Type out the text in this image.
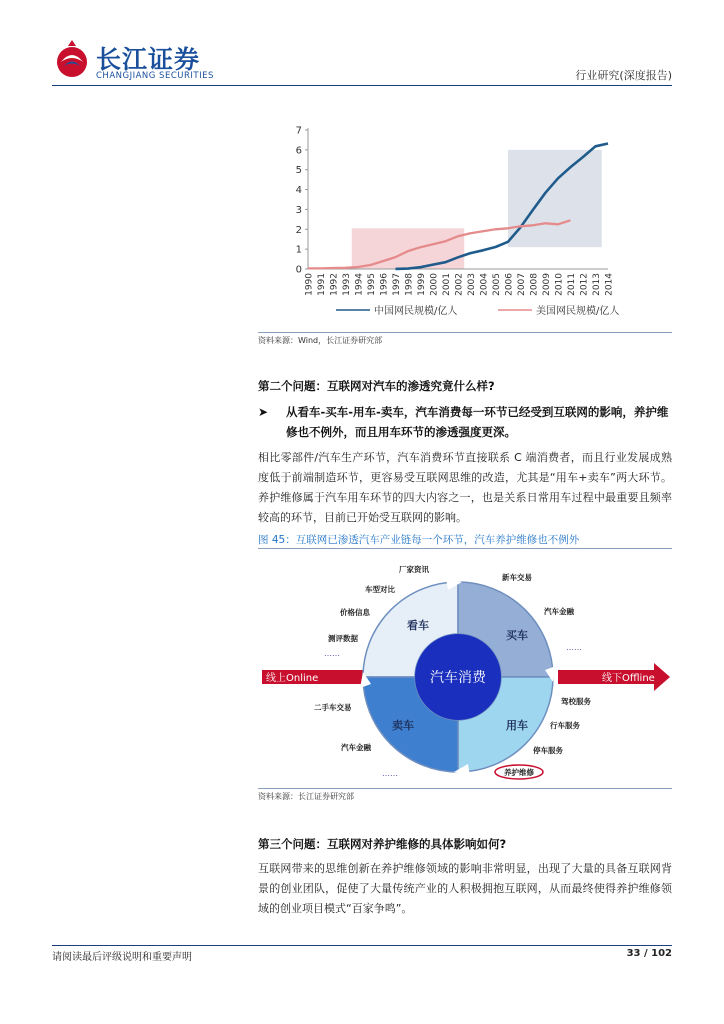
长江证券
CHANGJIANG SECURITIES	行业研究(深度报告)
0
1
2
3
4
5
6
7
1990 1991 1992 1993 1994 1995 1996 1997 1998 1999 2000 2001 2002 2003 2004 2005 2006 2007 2008 2009 2010 2011 2012 2013 2014
中国网民规模/亿人	美国网民规模/亿人
资料来源：Wind，长江证券研究部
第二个问题：互联网对汽车的渗透究竟什么样?
➤ 从看车-买车-用车-卖车，汽车消费每一环节已经受到互联网的影响，养护维修也不例外，而且用车环节的渗透强度更深。
相比零部件/汽车生产环节，汽车消费环节直接联系 C 端消费者，而且行业发展成熟度低于前端制造环节，更容易受互联网思维的改造，尤其是“用车+卖车”两大环节。养护维修属于汽车用车环节的四大内容之一，也是关系日常用车过程中最重要且频率较高的环节，目前已开始受互联网的影响。
图 45：互联网已渗透汽车产业链每一个环节，汽车养护维修也不例外
汽车消费
看车
买车
用车
卖车
线上Online	线下Offline
厂家资讯
车型对比
价格信息
测评数据
……
新车交易
汽车金融
……
驾校服务
行车服务
停车服务
养护维修
二手车交易
汽车金融
……
资料来源：长江证券研究部
第三个问题：互联网对养护维修的具体影响如何?
互联网带来的思维创新在养护维修领域的影响非常明显，出现了大量的具备互联网背景的创业团队，促使了大量传统产业的人积极拥抱互联网，从而最终使得养护维修领域的创业项目模式“百家争鸣”。
请阅读最后评级说明和重要声明	33 / 102
